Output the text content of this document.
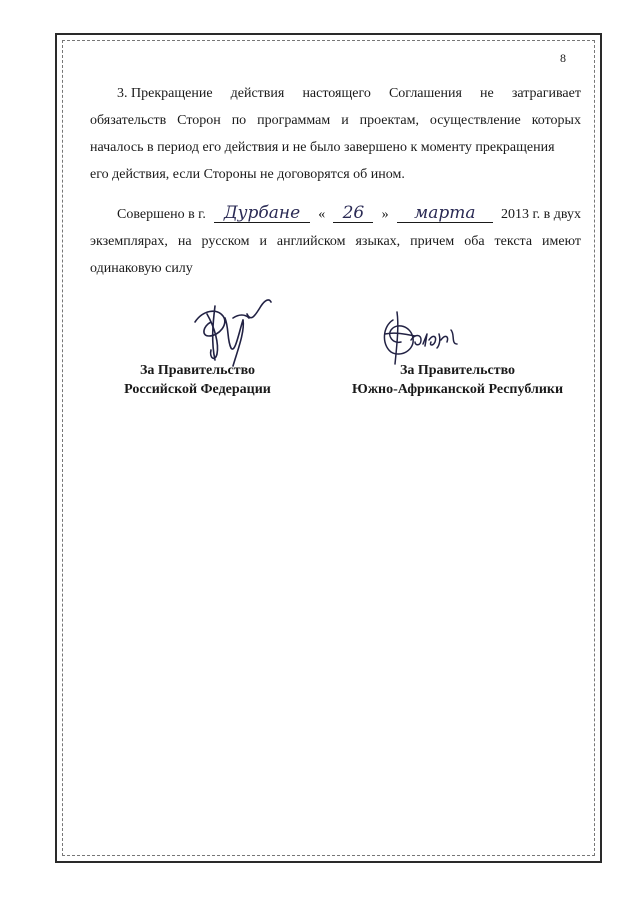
8
3. Прекращение действия настоящего Соглашения не затрагивает
обязательств Сторон по программам и проектам, осуществление которых
началось в период его действия и не было завершено к моменту прекращения
его действия, если Стороны не договорятся об ином.
Совершено в г.	Дурбане	«	26	»	марта	2013 г. в двух
экземплярах, на русском и английском языках, причем оба текста имеют
одинаковую силу
За Правительство
Российской Федерации
За Правительство
Южно-Африканской Республики
